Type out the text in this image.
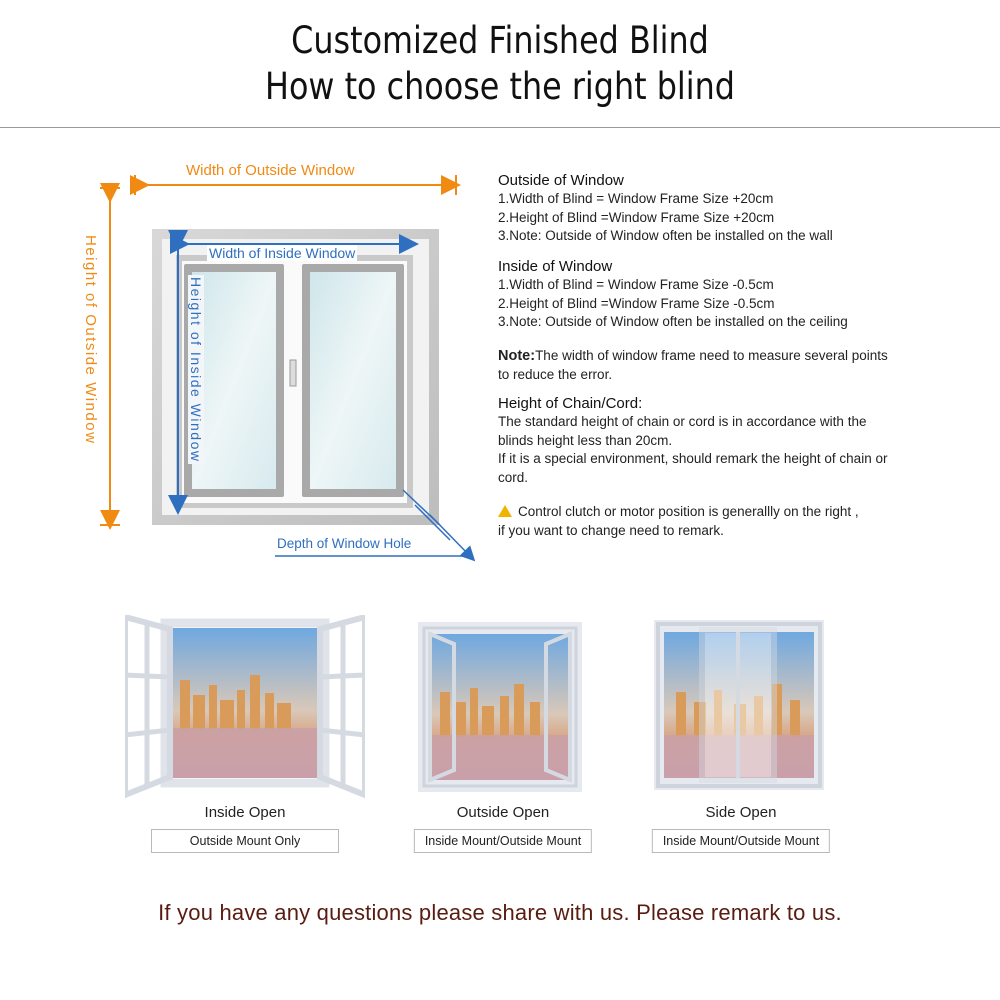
Customized Finished Blind
How to choose the right blind
Width of Outside Window
Height of Outside Window	Width of Inside Window
Height of Inside Window
Depth of Window Hole
Outside of Window

1.Width of Blind = Window Frame Size +20cm

2.Height of Blind =Window Frame Size +20cm

3.Note: Outside of Window often be installed on the wall

Inside of Window

1.Width of Blind = Window Frame Size -0.5cm

2.Height of Blind =Window Frame Size -0.5cm

3.Note: Outside of Window often be installed on the ceiling

Note:The width of window frame need to measure several points

to reduce the error.

Height of Chain/Cord:

The standard height of chain or cord is in accordance with the

blinds height less than 20cm.

If it is a special environment, should remark the height of chain or

cord.

Control clutch or motor position is generallly on the right ,

if you want to change need to remark.

Inside Open
Outside Mount Only
Outside Open
Inside Mount/Outside Mount
Side Open
Inside Mount/Outside Mount
If you have any questions please share with us. Please remark to us.
